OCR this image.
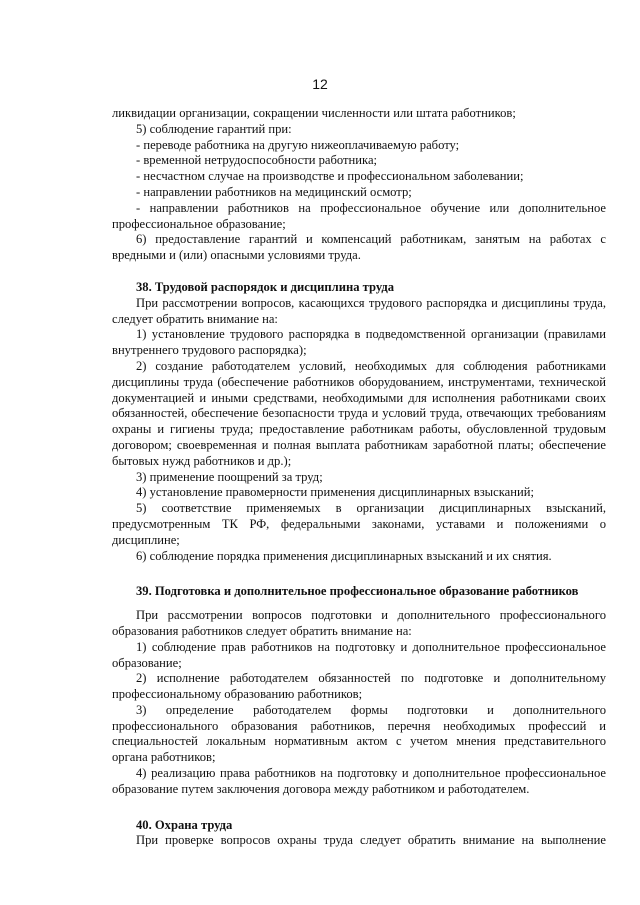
12

ликвидации организации, сокращении численности или штата работников;

5) соблюдение гарантий при:

- переводе работника на другую нижеоплачиваемую работу;

- временной нетрудоспособности работника;

- несчастном случае на производстве и профессиональном заболевании;

- направлении работников на медицинский осмотр;

- направлении работников на профессиональное обучение или дополнительное профессиональное образование;

6) предоставление гарантий и компенсаций работникам, занятым на работах с вредными и (или) опасными условиями труда.

38. Трудовой распорядок и дисциплина труда

При рассмотрении вопросов, касающихся трудового распорядка и дисциплины труда, следует обратить внимание на:

1) установление трудового распорядка в подведомственной организации (правилами внутреннего трудового распорядка);

2) создание работодателем условий, необходимых для соблюдения работниками дисциплины труда (обеспечение работников оборудованием, инструментами, технической документацией и иными средствами, необходимыми для исполнения работниками своих обязанностей, обеспечение безопасности труда и условий труда, отвечающих требованиям охраны и гигиены труда; предоставление работникам работы, обусловленной трудовым договором; своевременная и полная выплата работникам заработной платы; обеспечение бытовых нужд работников и др.);

3) применение поощрений за труд;

4) установление правомерности применения дисциплинарных взысканий;

5) соответствие применяемых в организации дисциплинарных взысканий, предусмотренным ТК РФ, федеральными законами, уставами и положениями о дисциплине;

6) соблюдение порядка применения дисциплинарных взысканий и их снятия.

39. Подготовка и дополнительное профессиональное образование работников

При рассмотрении вопросов подготовки и дополнительного профессионального образования работников следует обратить внимание на:

1) соблюдение прав работников на подготовку и дополнительное профессиональное образование;

2) исполнение работодателем обязанностей по подготовке и дополнительному профессиональному образованию работников;

3) определение работодателем формы подготовки и дополнительного профессионального образования работников, перечня необходимых профессий и специальностей локальным нормативным актом с учетом мнения представительного органа работников;

4) реализацию права работников на подготовку и дополнительное профессиональное образование путем заключения договора между работником и работодателем.

40. Охрана труда

При проверке вопросов охраны труда следует обратить внимание на выполнение
